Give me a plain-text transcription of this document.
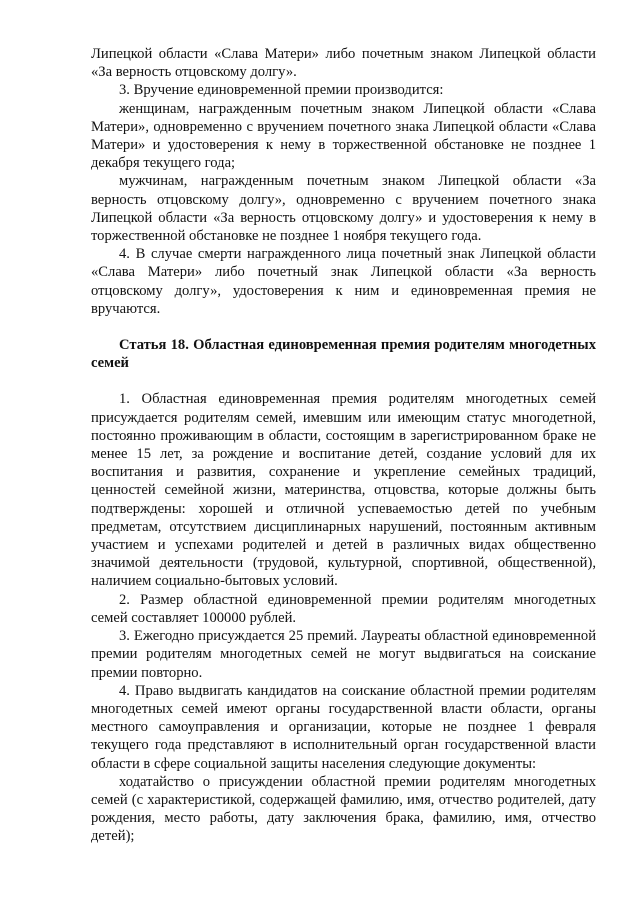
Липецкой области «Слава Матери» либо почетным знаком Липецкой области «За верность отцовскому долгу».

3. Вручение единовременной премии производится:

женщинам, награжденным почетным знаком Липецкой области «Слава Матери», одновременно с вручением почетного знака Липецкой области «Слава Матери» и удостоверения к нему в торжественной обстановке не позднее 1 декабря текущего года;

мужчинам, награжденным почетным знаком Липецкой области «За верность отцовскому долгу», одновременно с вручением почетного знака Липецкой области «За верность отцовскому долгу» и удостоверения к нему в торжественной обстановке не позднее 1 ноября текущего года.

4. В случае смерти награжденного лица почетный знак Липецкой области «Слава Матери» либо почетный знак Липецкой области «За верность отцовскому долгу», удостоверения к ним и единовременная премия не вручаются.

Статья 18. Областная единовременная премия родителям многодетных семей

1. Областная единовременная премия родителям многодетных семей присуждается родителям семей, имевшим или имеющим статус многодетной, постоянно проживающим в области, состоящим в зарегистрированном браке не менее 15 лет, за рождение и воспитание детей, создание условий для их воспитания и развития, сохранение и укрепление семейных традиций, ценностей семейной жизни, материнства, отцовства, которые должны быть подтверждены: хорошей и отличной успеваемостью детей по учебным предметам, отсутствием дисциплинарных нарушений, постоянным активным участием и успехами родителей и детей в различных видах общественно значимой деятельности (трудовой, культурной, спортивной, общественной), наличием социально-бытовых условий.

2. Размер областной единовременной премии родителям многодетных семей составляет 100000 рублей.

3. Ежегодно присуждается 25 премий. Лауреаты областной единовременной премии родителям многодетных семей не могут выдвигаться на соискание премии повторно.

4. Право выдвигать кандидатов на соискание областной премии родителям многодетных семей имеют органы государственной власти области, органы местного самоуправления и организации, которые не позднее 1 февраля текущего года представляют в исполнительный орган государственной власти области в сфере социальной защиты населения следующие документы:

ходатайство о присуждении областной премии родителям многодетных семей (с характеристикой, содержащей фамилию, имя, отчество родителей, дату рождения, место работы, дату заключения брака, фамилию, имя, отчество детей);
